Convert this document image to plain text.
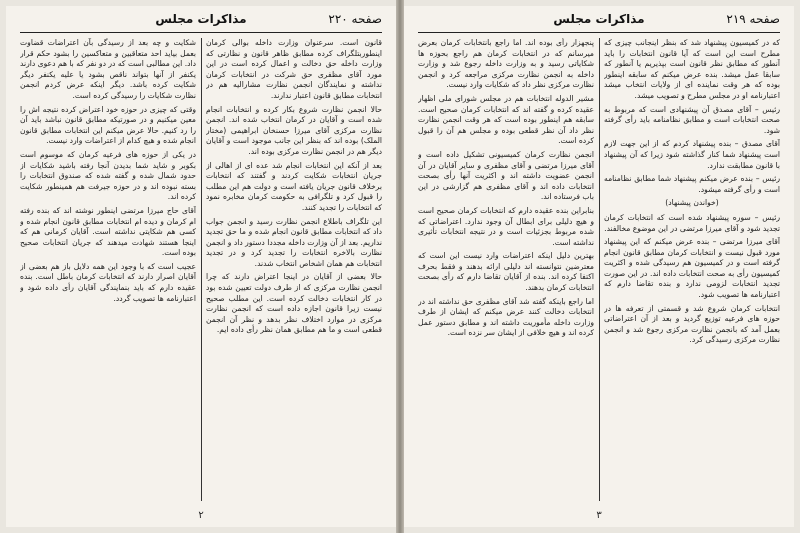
صفحه ۲۲۰
مذاکرات مجلس

قانون است. سرعنوان وزارت داخله بوالی کرمان اینطوربتلگراف کرده مطابق ظاهر قانون و نظارتی که وزارت داخله حق دخالت و اعمال کرده است در این مورد آقای مظفری حق شرکت در انتخابات کرمان نداشته و نمایندگان انجمن نظارت مشارالیه هم در انتخابات مطابق قانون اعتبار ندارند.

حالا انجمن نظارت شروع بکار کرده و انتخابات انجام شده است و آقایان در کرمان انتخاب شده اند. انجمن نظارت مرکزی آقای میرزا حسنخان ابراهیمی (مختار الملک) بوده اند که بنظر این جانب موجود است و آقایان دیگر هم در انجمن نظارت مرکزی بوده اند.

بعد از آنکه این انتخابات انجام شد عده ای از اهالی از جریان انتخابات شکایت کردند و گفتند که انتخابات برخلاف قانون جریان یافته است و دولت هم این مطلب را قبول کرد و تلگرافی به حکومت کرمان مخابره نمود که انتخابات را تجدید کنند.

این تلگراف باطلاع انجمن نظارت رسید و انجمن جواب داد که انتخابات مطابق قانون انجام شده و ما حق تجدید نداریم. بعد از آن وزارت داخله مجددا دستور داد و انجمن نظارت بالاخره انتخابات را تجدید کرد و در تجدید انتخابات هم همان اشخاص انتخاب شدند.

حالا بعضی از آقایان در اینجا اعتراض دارند که چرا انجمن نظارت مرکزی که از طرف دولت تعیین شده بود در کار انتخابات دخالت کرده است. این مطلب صحیح نیست زیرا قانون اجازه داده است که انجمن نظارت مرکزی در موارد اختلاف نظر بدهد و نظر آن انجمن قطعی است و ما هم مطابق همان نظر رأی داده ایم.

شکایت و چه بعد از رسیدگی بآن اعتراضات قضاوت بعمل بیاید احد متعاقبین و متعاکسین را بشود حکم قرار داد. این مطالبی است که در دو نفر که با هم دعوی دارند یکنفر از آنها بتواند ناقص بشود یا علیه یکنفر دیگر شکایت کرده باشد. دیگر اینکه عرض کردم انجمن نظارت شکایات را رسیدگی کرده است.

وقتی که چیزی در حوزه خود اعتراض کرده نتیجه اش را معین میکنیم و در صورتیکه مطابق قانون نباشد باید آن را رد کنیم. حالا عرض میکنم این انتخابات مطابق قانون انجام شده و هیچ کدام از اعتراضات وارد نیست.

در یکی از حوزه های فرعیه کرمان که موسوم است بکوبر و شاید شما بدیدن آنجا رفته باشید شکایات از حدود شمال شده و گفته شده که صندوق انتخابات را بسته نبوده اند و در حوزه جیرفت هم همینطور شکایت کرده اند.

آقای حاج میرزا مرتضی اینطور نوشته اند که بنده رفته ام کرمان و دیده ام انتخابات مطابق قانون انجام شده و کسی هم شکایتی نداشته است. آقایان کرمانی هم که اینجا هستند شهادت میدهند که جریان انتخابات صحیح بوده است.

عجیب است که با وجود این همه دلایل باز هم بعضی از آقایان اصرار دارند که انتخابات کرمان باطل است. بنده عقیده دارم که باید بنمایندگی آقایان رأی داده شود و اعتبارنامه ها تصویب گردد.

۲
صفحه ۲۱۹
مذاکرات مجلس

که در کمیسیون پیشنهاد شد که بنظر اینجانب چیزی که مطرح است این است که آیا قانون انتخابات را باید آنطور که مطابق نظر قانون است بپذیریم یا آنطور که سابقا عمل میشد. بنده عرض میکنم که سابقه اینطور بوده که هر وقت نماینده ای از ولایات انتخاب میشد اعتبارنامه او در مجلس مطرح و تصویب میشد.

رئیس – آقای مصدق آن پیشنهادی است که مربوط به صحت انتخابات است و مطابق نظامنامه باید رأی گرفته شود.

آقای مصدق – بنده پیشنهاد کردم که از این جهت لازم است پیشنهاد شما کنار گذاشته شود زیرا که آن پیشنهاد با قانون مطابقت ندارد.

رئیس – بنده عرض میکنم پیشنهاد شما مطابق نظامنامه است و رأی گرفته میشود.

(خواندن پیشنهاد)

رئیس – سوره پیشنهاد شده است که انتخابات کرمان تجدید شود و آقای میرزا مرتضی در این موضوع مخالفند.

آقای میرزا مرتضی – بنده عرض میکنم که این پیشنهاد مورد قبول نیست و انتخابات کرمان مطابق قانون انجام گرفته است و در کمیسیون هم رسیدگی شده و اکثریت کمیسیون رأی به صحت انتخابات داده اند. در این صورت تجدید انتخابات لزومی ندارد و بنده تقاضا دارم که اعتبارنامه ها تصویب شود.

انتخابات کرمان شروع شد و قسمتی از تعرفه ها در حوزه های فرعیه توزیع گردید و بعد از آن اعتراضاتی بعمل آمد که بانجمن نظارت مرکزی رجوع شد و انجمن نظارت مرکزی رسیدگی کرد.

پنجهزار رأی بوده اند. اما راجع بانتخابات کرمان بعرض میرسانم که در انتخابات کرمان هم راجع بحوزه ها شکایاتی رسید و به وزارت داخله رجوع شد و وزارت داخله به انجمن نظارت مرکزی مراجعه کرد و انجمن نظارت مرکزی نظر داد که شکایات وارد نیست.

مشیر الدوله انتخابات هم در مجلس شورای ملی اظهار عقیده کرده و گفته اند که انتخابات کرمان صحیح است. سابقه هم اینطور بوده است که هر وقت انجمن نظارت نظر داد آن نظر قطعی بوده و مجلس هم آن را قبول کرده است.

انجمن نظارت کرمان کمیسیونی تشکیل داده است و آقای میرزا مرتضی و آقای مظفری و سایر آقایان در آن انجمن عضویت داشته اند و اکثریت آنها رأی بصحت انتخابات داده اند و آقای مظفری هم گزارشی در این باب فرستاده اند.

بنابراین بنده عقیده دارم که انتخابات کرمان صحیح است و هیچ دلیلی برای ابطال آن وجود ندارد. اعتراضاتی که شده مربوط بجزئیات است و در نتیجه انتخابات تأثیری نداشته است.

بهترین دلیل اینکه اعتراضات وارد نیست این است که معترضین نتوانسته اند دلیلی ارائه بدهند و فقط بحرف اکتفا کرده اند. بنده از آقایان تقاضا دارم که رأی بصحت انتخابات کرمان بدهند.

اما راجع باینکه گفته شد آقای مظفری حق نداشته اند در انتخابات دخالت کنند عرض میکنم که ایشان از طرف وزارت داخله مأموریت داشته اند و مطابق دستور عمل کرده اند و هیچ خلافی از ایشان سر نزده است.

۳
